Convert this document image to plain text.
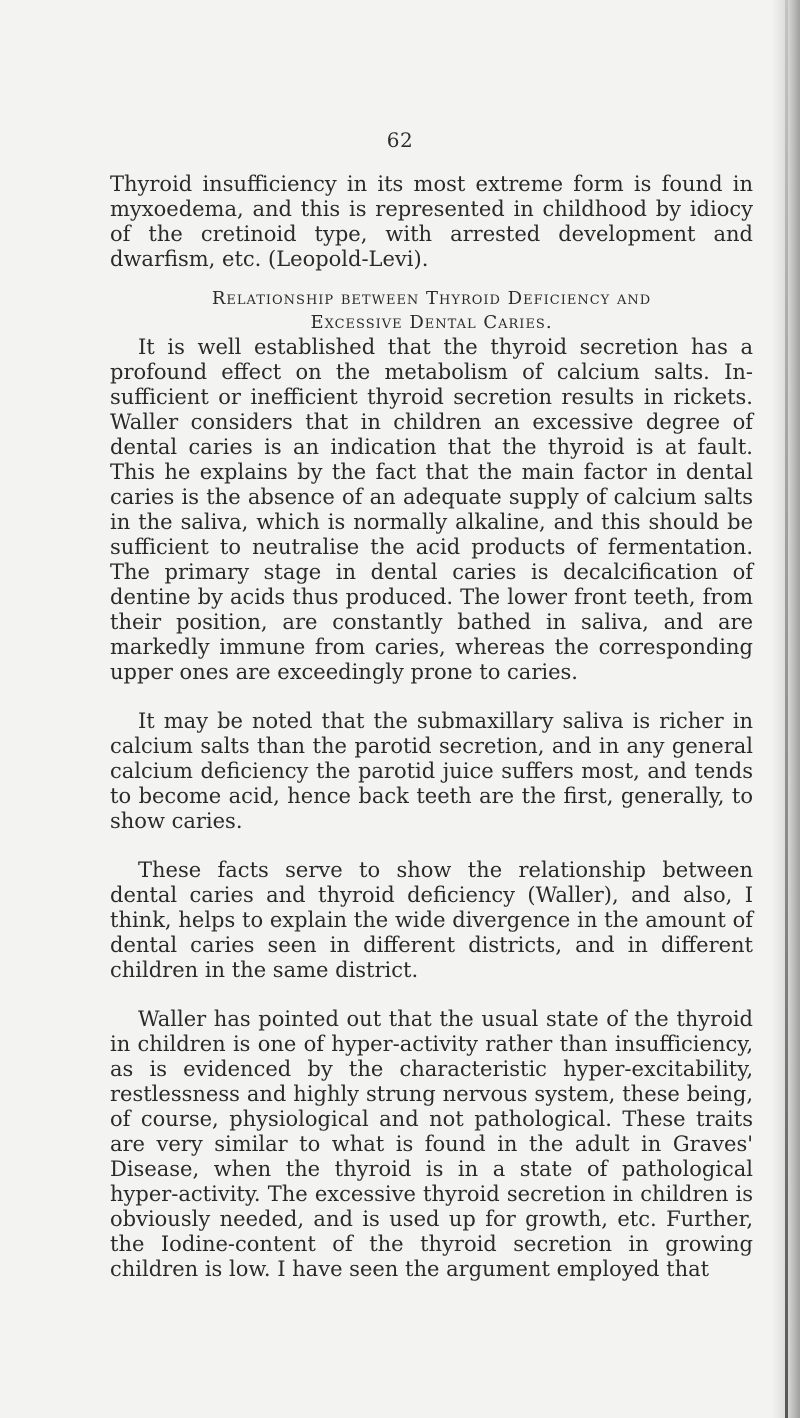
62

Thyroid insufficiency in its most extreme form is found in myxoedema, and this is represented in childhood by idiocy of the cretinoid type, with arrested development and dwarfism, etc. (Leopold-Levi).

Relationship between Thyroid Deficiency and
Excessive Dental Caries.

It is well established that the thyroid secretion has a profound effect on the metabolism of calcium salts. In-sufficient or inefficient thyroid secretion results in rickets. Waller considers that in children an excessive degree of dental caries is an indication that the thyroid is at fault. This he explains by the fact that the main factor in dental caries is the absence of an adequate supply of calcium salts in the saliva, which is normally alkaline, and this should be sufficient to neutralise the acid products of fermentation. The primary stage in dental caries is decalcification of dentine by acids thus produced. The lower front teeth, from their position, are constantly bathed in saliva, and are markedly immune from caries, whereas the corresponding upper ones are exceedingly prone to caries.

It may be noted that the submaxillary saliva is richer in calcium salts than the parotid secretion, and in any general calcium deficiency the parotid juice suffers most, and tends to become acid, hence back teeth are the first, generally, to show caries.

These facts serve to show the relationship between dental caries and thyroid deficiency (Waller), and also, I think, helps to explain the wide divergence in the amount of dental caries seen in different districts, and in different children in the same district.

Waller has pointed out that the usual state of the thyroid in children is one of hyper-activity rather than insufficiency, as is evidenced by the characteristic hyper-excitability, restlessness and highly strung nervous system, these being, of course, physiological and not pathological. These traits are very similar to what is found in the adult in Graves' Disease, when the thyroid is in a state of pathological hyper-activity. The excessive thyroid secretion in children is obviously needed, and is used up for growth, etc. Further, the Iodine-content of the thyroid secretion in growing children is low. I have seen the argument employed that
